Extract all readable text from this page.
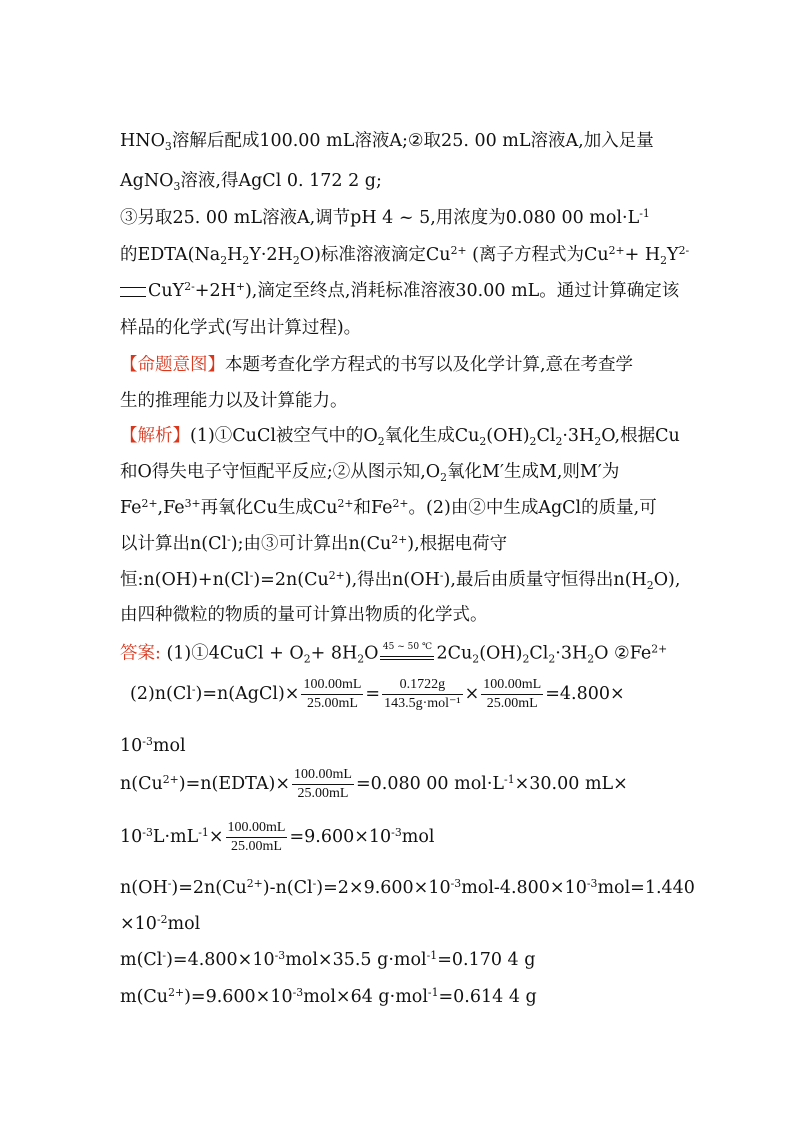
$HNO_3$溶解后配成100.00 mL溶液A;②取25. 00 mL溶液A,加入足量
AgNO$_3$溶液,得AgCl 0. 172 2 g;
③另取25. 00 mL溶液A,调节pH 4 ~ 5,用浓度为0.080 00 $mol\cdot L^{-1}$
的$EDTA(Na_2H_2Y\cdot 2H_2O)$标准溶液滴定$Cu^{2+}$ (离子方程式为$Cu^{2+}+ H_2Y^{2-}$
CuY$^{2-}$+2H+),滴定至终点,消耗标准溶液30.00 mL。通过计算确定该
样品的化学式(写出计算过程)。
【命题意图】本题考查化学方程式的书写以及化学计算,意在考查学
生的推理能力以及计算能力。
【解析】(1)①CuCl被空气中的$O_2$氧化生成$Cu_2(OH)_2Cl_2\cdot 3H_2O$,根据Cu
和O得失电子守恒配平反应;②从图示知$,O_2$氧化M′生成M,则M′为
$Fe^{2+},Fe^{3+}$再氧化Cu生成$Cu^{2+}$和$Fe^{2+}$。(2)由②中生成AgCl的质量,可
以计算出n(Cl-);由③可计算出$n(Cu^{2+})$,根据电荷守
恒$:n(OH)+n(Cl^-)=2n(Cu^{2+})$,得出n(OH-),最后由质量守恒得出$n(H_2O)$,
由四种微粒的物质的量可计算出物质的化学式。
答案: (1)①4CuCl + $O_2+ 8H_2O$ 45 ~ 50 ℃ $2Cu_2(OH)_2Cl_2\cdot 3H_2O$ $②Fe^{2+}$
(2)n(Cl-)=n(AgCl)× $\frac{100.00mL}{25.00mL} = \frac{0.1722g}{\text{143.5g·mol⁻¹}} \times \frac{100.00mL}{25.00mL} =4.800\times$
$10^{-3}mol$
$n(Cu^{2+})=n(EDTA)\times \frac{100.00mL}{25.00mL} =0.080$ 00 $mol\cdot L^{-1}\times 30.00$ mL×
$10^{-3}L\cdot mL^{-1}\times \frac{100.00mL}{25.00mL} =9.600\times 10^{-3}mol$
$n(OH^-)=2n(Cu^{2+})-n(Cl^-)=2\times 9.600\times 10^{-3}mol-4.800\times 10^{-3}mol=1.440$
$\times 10^{-2}mol$
$m(Cl^-)=4.800\times 10^{-3}mol\times 35.5$ g·mol$^{-1}$=0.170 4 g
$m(Cu^{2+})=9.600\times 10^{-3}mol\times 64$ g·mol$^{-1}$=0.614 4 g
